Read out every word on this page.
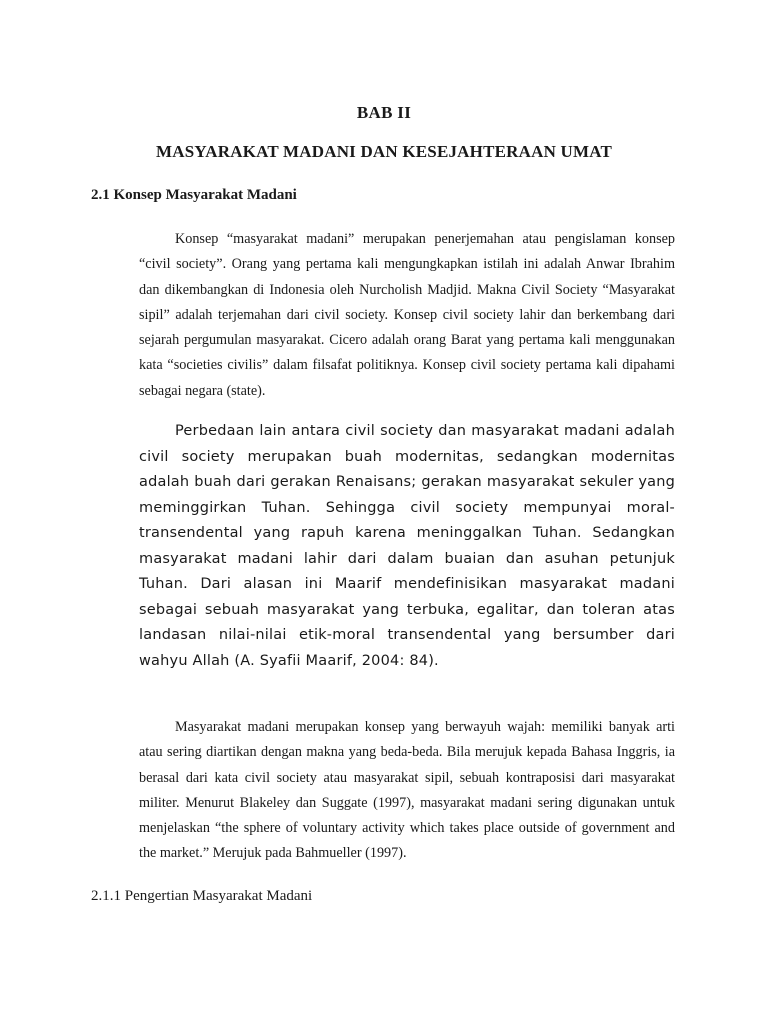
BAB II
MASYARAKAT MADANI DAN KESEJAHTERAAN UMAT
2.1 Konsep Masyarakat Madani

Konsep “masyarakat madani” merupakan penerjemahan atau pengislaman konsep “civil society”. Orang yang pertama kali mengungkapkan istilah ini adalah Anwar Ibrahim dan dikembangkan di Indonesia oleh Nurcholish Madjid. Makna Civil Society “Masyarakat sipil” adalah terjemahan dari civil society. Konsep civil society lahir dan berkembang dari sejarah pergumulan masyarakat. Cicero adalah orang Barat yang pertama kali menggunakan kata “societies civilis” dalam filsafat politiknya. Konsep civil society pertama kali dipahami sebagai negara (state).

Perbedaan lain antara civil society dan masyarakat madani adalah civil society merupakan buah modernitas, sedangkan modernitas adalah buah dari gerakan Renaisans; gerakan masyarakat sekuler yang meminggirkan Tuhan. Sehingga civil society mempunyai moral-transendental yang rapuh karena meninggalkan Tuhan. Sedangkan masyarakat madani lahir dari dalam buaian dan asuhan petunjuk Tuhan. Dari alasan ini Maarif mendefinisikan masyarakat madani sebagai sebuah masyarakat yang terbuka, egalitar, dan toleran atas landasan nilai-nilai etik-moral transendental yang bersumber dari wahyu Allah (A. Syafii Maarif, 2004: 84).

Masyarakat madani merupakan konsep yang berwayuh wajah: memiliki banyak arti atau sering diartikan dengan makna yang beda-beda. Bila merujuk kepada Bahasa Inggris, ia berasal dari kata civil society atau masyarakat sipil, sebuah kontraposisi dari masyarakat militer. Menurut Blakeley dan Suggate (1997), masyarakat madani sering digunakan untuk menjelaskan “the sphere of voluntary activity which takes place outside of government and the market.” Merujuk pada Bahmueller (1997).

2.1.1 Pengertian Masyarakat Madani
